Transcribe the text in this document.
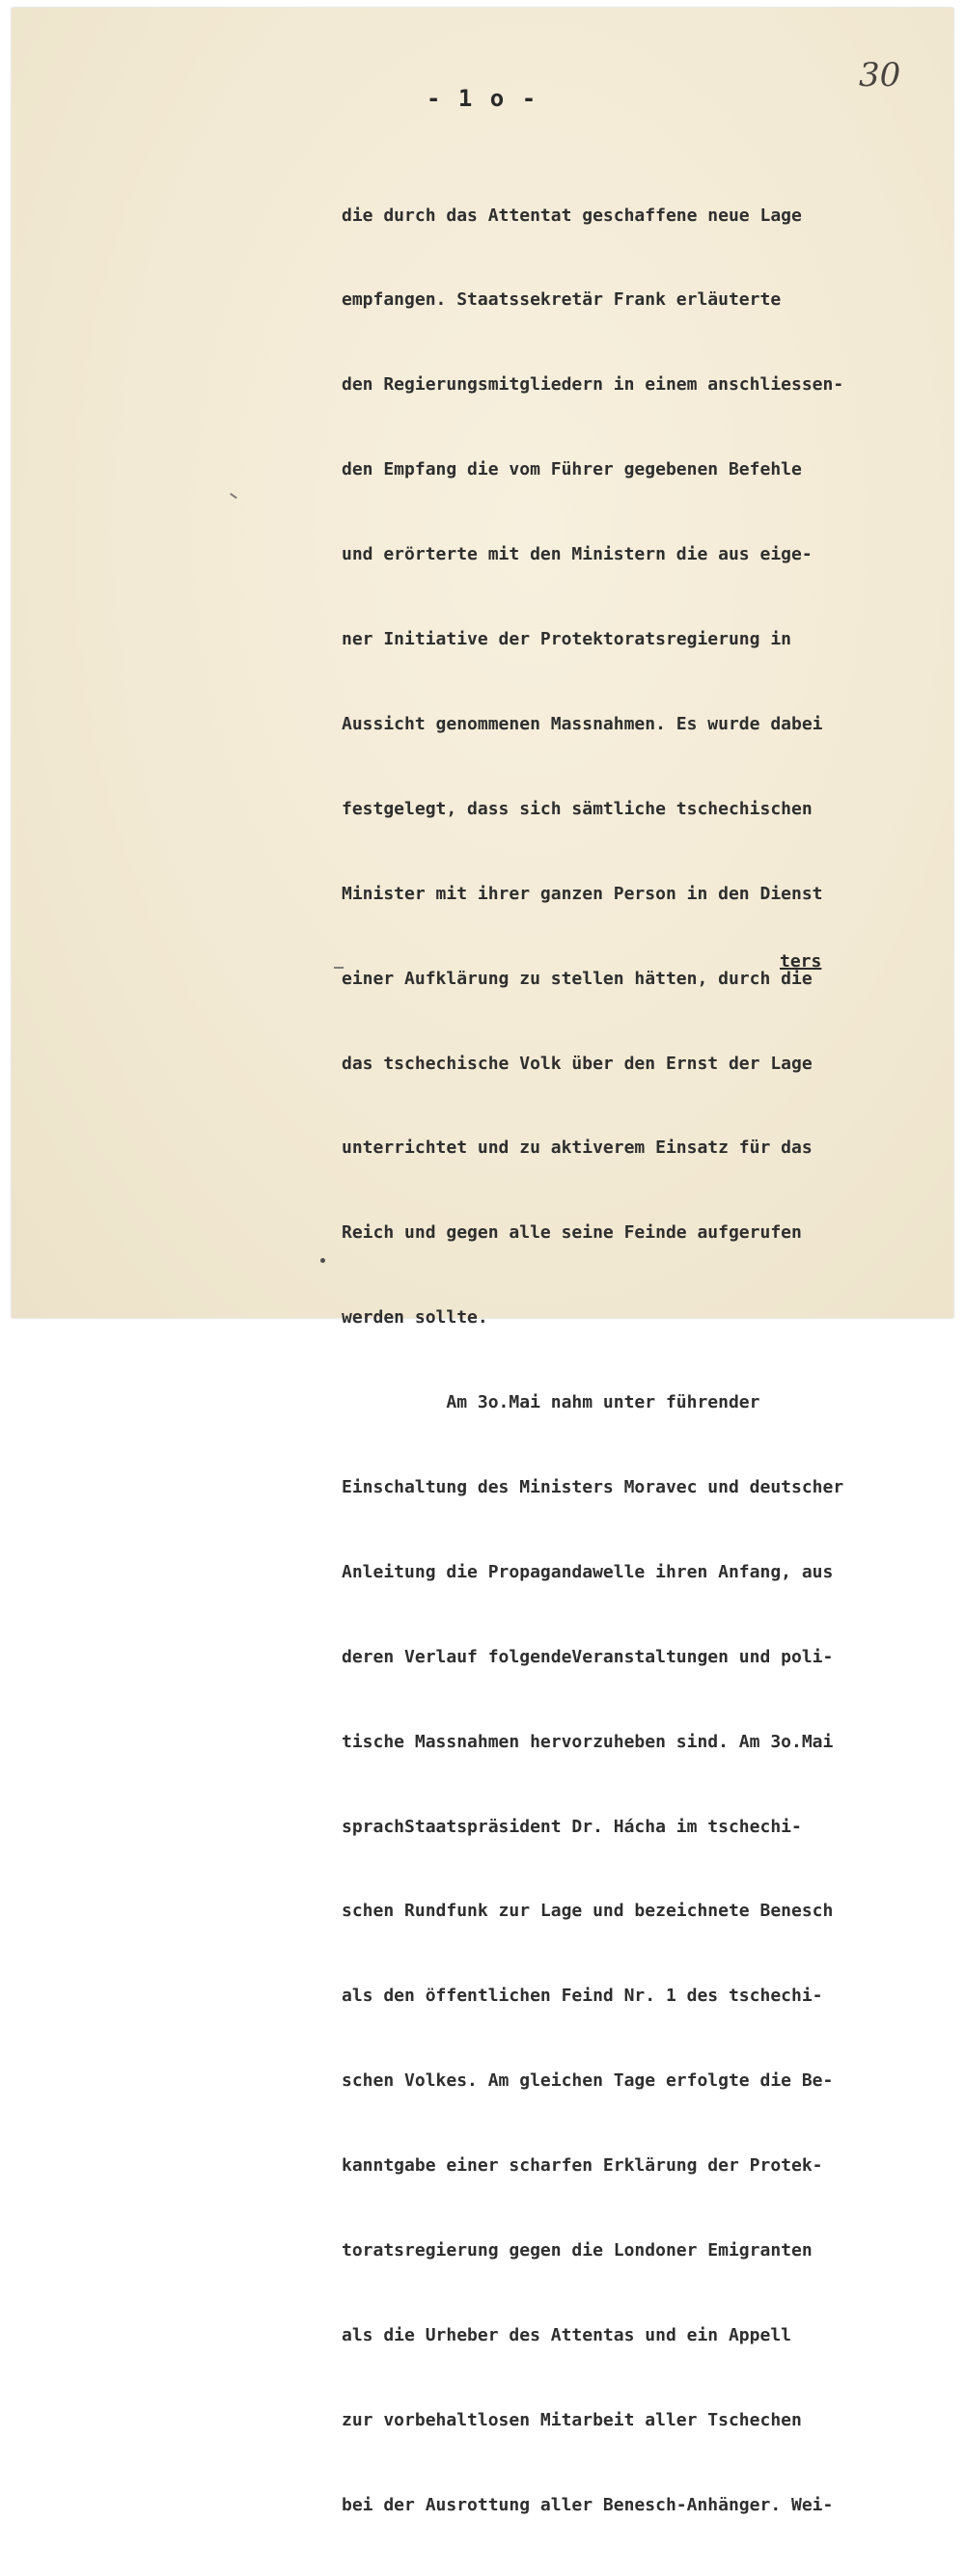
30
- 1 o -

die durch das Attentat geschaffene neue Lage

empfangen. Staatssekretär Frank erläuterte

den Regierungsmitgliedern in einem anschliessen-

den Empfang die vom Führer gegebenen Befehle

und erörterte mit den Ministern die aus eige-

ner Initiative der Protektoratsregierung in

Aussicht genommenen Massnahmen. Es wurde dabei

festgelegt, dass sich sämtliche tschechischen

Minister mit ihrer ganzen Person in den Dienst

einer Aufklärung zu stellen hätten, durch die

das tschechische Volk über den Ernst der Lage

unterrichtet und zu aktiverem Einsatz für das

Reich und gegen alle seine Feinde aufgerufen

werden sollte.

Am 3o.Mai nahm unter führender

Einschaltung des Ministers Moravec und deutscher

Anleitung die Propagandawelle ihren Anfang, aus

deren Verlauf folgendeVeranstaltungen und poli-

tische Massnahmen hervorzuheben sind. Am 3o.Mai

sprachStaatspräsident Dr. Hácha im tschechi-

schen Rundfunk zur Lage und bezeichnete Benesch

als den öffentlichen Feind Nr. 1 des tschechi-

schen Volkes. Am gleichen Tage erfolgte die Be-

kanntgabe einer scharfen Erklärung der Protek-

toratsregierung gegen die Londoner Emigranten

als die Urheber des Attentas und ein Appell

zur vorbehaltlosen Mitarbeit aller Tschechen

bei der Ausrottung aller Benesch-Anhänger. Wei-

ters
